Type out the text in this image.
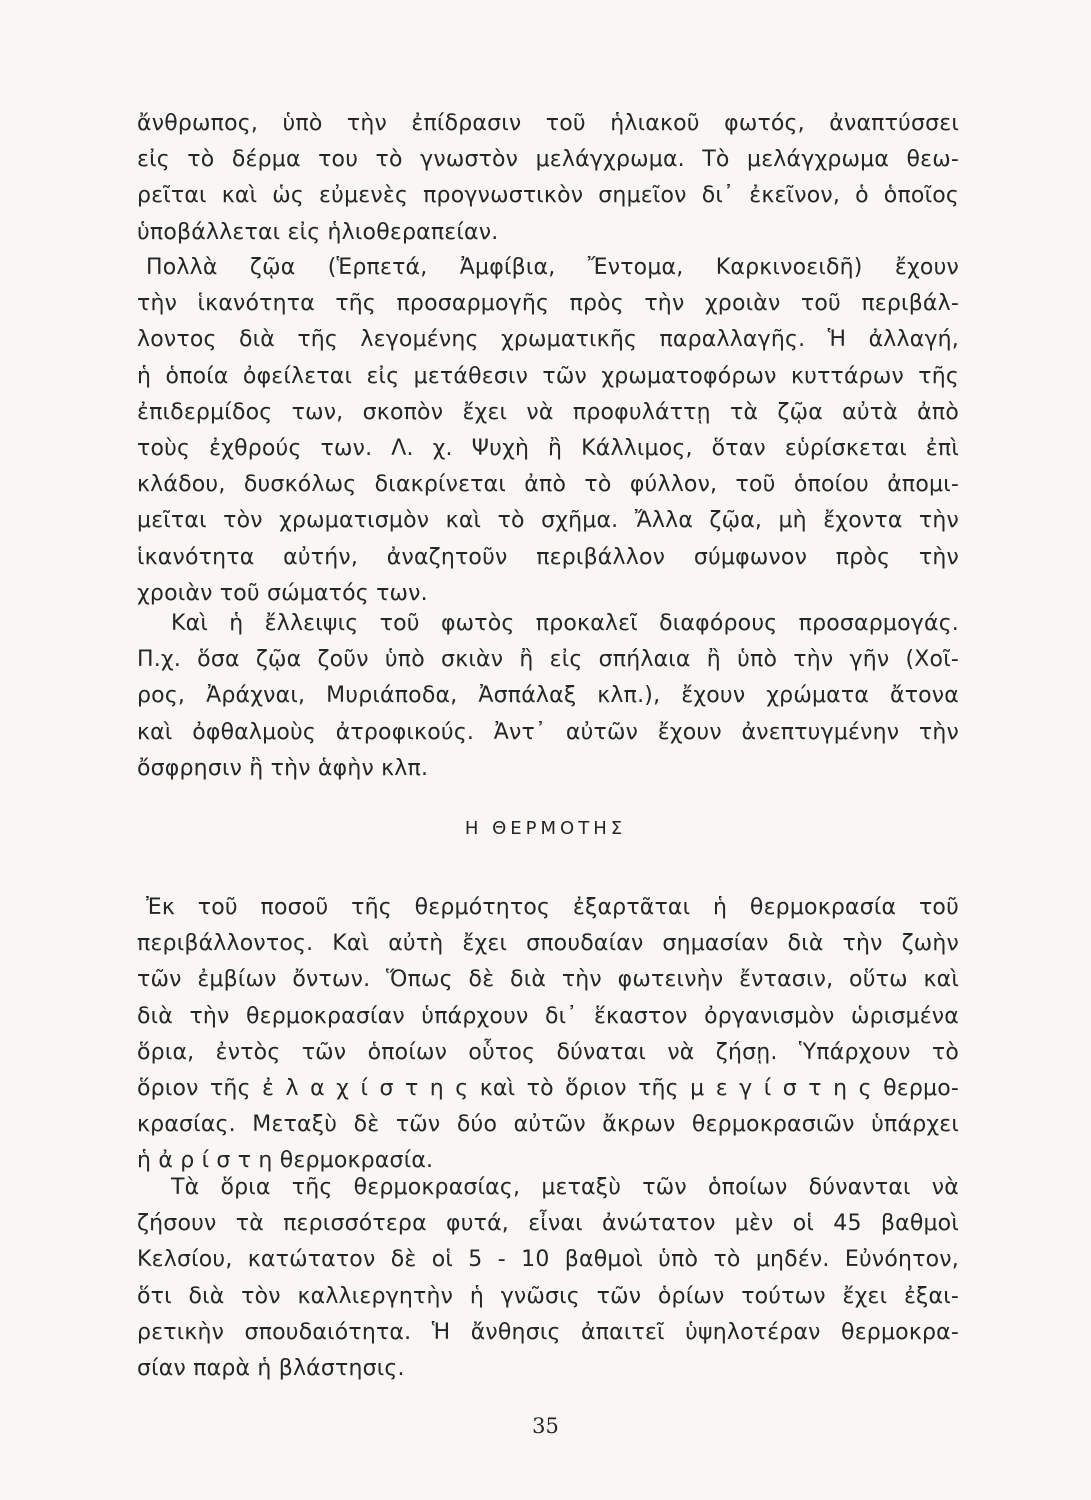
ἄνθρωπος, ὑπὸ τὴν ἐπίδρασιν τοῦ ἡλιακοῦ φωτός, ἀναπτύσσει
εἰς τὸ δέρμα του τὸ γνωστὸν μελάγχρωμα. Τὸ μελάγχρωμα θεω-
ρεῖται καὶ ὡς εὐμενὲς προγνωστικὸν σημεῖον δι᾽ ἐκεῖνον, ὁ ὁποῖος
ὑποβάλλεται εἰς ἡλιοθεραπείαν.
Πολλὰ ζῷα (Ἑρπετά, Ἀμφίβια, Ἔντομα, Καρκινοειδῆ) ἔχουν
τὴν ἱκανότητα τῆς προσαρμογῆς πρὸς τὴν χροιὰν τοῦ περιβάλ-
λοντος διὰ τῆς λεγομένης χρωματικῆς παραλλαγῆς. Ἡ ἀλλαγή,
ἡ ὁποία ὀφείλεται εἰς μετάθεσιν τῶν χρωματοφόρων κυττάρων τῆς
ἐπιδερμίδος των, σκοπὸν ἔχει νὰ προφυλάττῃ τὰ ζῷα αὐτὰ ἀπὸ
τοὺς ἐχθρούς των. Λ. χ. Ψυχὴ ἢ Κάλλιμος, ὅταν εὑρίσκεται ἐπὶ
κλάδου, δυσκόλως διακρίνεται ἀπὸ τὸ φύλλον, τοῦ ὁποίου ἀπομι-
μεῖται τὸν χρωματισμὸν καὶ τὸ σχῆμα. Ἄλλα ζῷα, μὴ ἔχοντα τὴν
ἱκανότητα αὐτήν, ἀναζητοῦν περιβάλλον σύμφωνον πρὸς τὴν
χροιὰν τοῦ σώματός των.
Καὶ ἡ ἔλλειψις τοῦ φωτὸς προκαλεῖ διαφόρους προσαρμογάς.
Π.χ. ὅσα ζῷα ζοῦν ὑπὸ σκιὰν ἢ εἰς σπήλαια ἢ ὑπὸ τὴν γῆν (Χοῖ-
ρος, Ἀράχναι, Μυριάποδα, Ἀσπάλαξ κλπ.), ἔχουν χρώματα ἄτονα
καὶ ὀφθαλμοὺς ἀτροφικούς. Ἀντ᾽ αὐτῶν ἔχουν ἀνεπτυγμένην τὴν
ὄσφρησιν ἢ τὴν ἁφὴν κλπ.
Η ΘΕΡΜΟΤΗΣ
Ἐκ τοῦ ποσοῦ τῆς θερμότητος ἐξαρτᾶται ἡ θερμοκρασία τοῦ
περιβάλλοντος. Καὶ αὐτὴ ἔχει σπουδαίαν σημασίαν διὰ τὴν ζωὴν
τῶν ἐμβίων ὄντων. Ὅπως δὲ διὰ τὴν φωτεινὴν ἔντασιν, οὕτω καὶ
διὰ τὴν θερμοκρασίαν ὑπάρχουν δι᾽ ἕκαστον ὀργανισμὸν ὡρισμένα
ὅρια, ἐντὸς τῶν ὁποίων οὗτος δύναται νὰ ζήσῃ. Ὑπάρχουν τὸ
ὅριον τῆς ἐ λ α χ ί σ τ η ς καὶ τὸ ὅριον τῆς μ ε γ ί σ τ η ς θερμο-
κρασίας. Μεταξὺ δὲ τῶν δύο αὐτῶν ἄκρων θερμοκρασιῶν ὑπάρχει
ἡ ἀ ρ ί σ τ η θερμοκρασία.
Τὰ ὅρια τῆς θερμοκρασίας, μεταξὺ τῶν ὁποίων δύνανται νὰ
ζήσουν τὰ περισσότερα φυτά, εἶναι ἀνώτατον μὲν οἱ 45 βαθμοὶ
Κελσίου, κατώτατον δὲ οἱ 5 - 10 βαθμοὶ ὑπὸ τὸ μηδέν. Εὐνόητον,
ὅτι διὰ τὸν καλλιεργητὴν ἡ γνῶσις τῶν ὁρίων τούτων ἔχει ἐξαι-
ρετικὴν σπουδαιότητα. Ἡ ἄνθησις ἀπαιτεῖ ὑψηλοτέραν θερμοκρα-
σίαν παρὰ ἡ βλάστησις.
35
